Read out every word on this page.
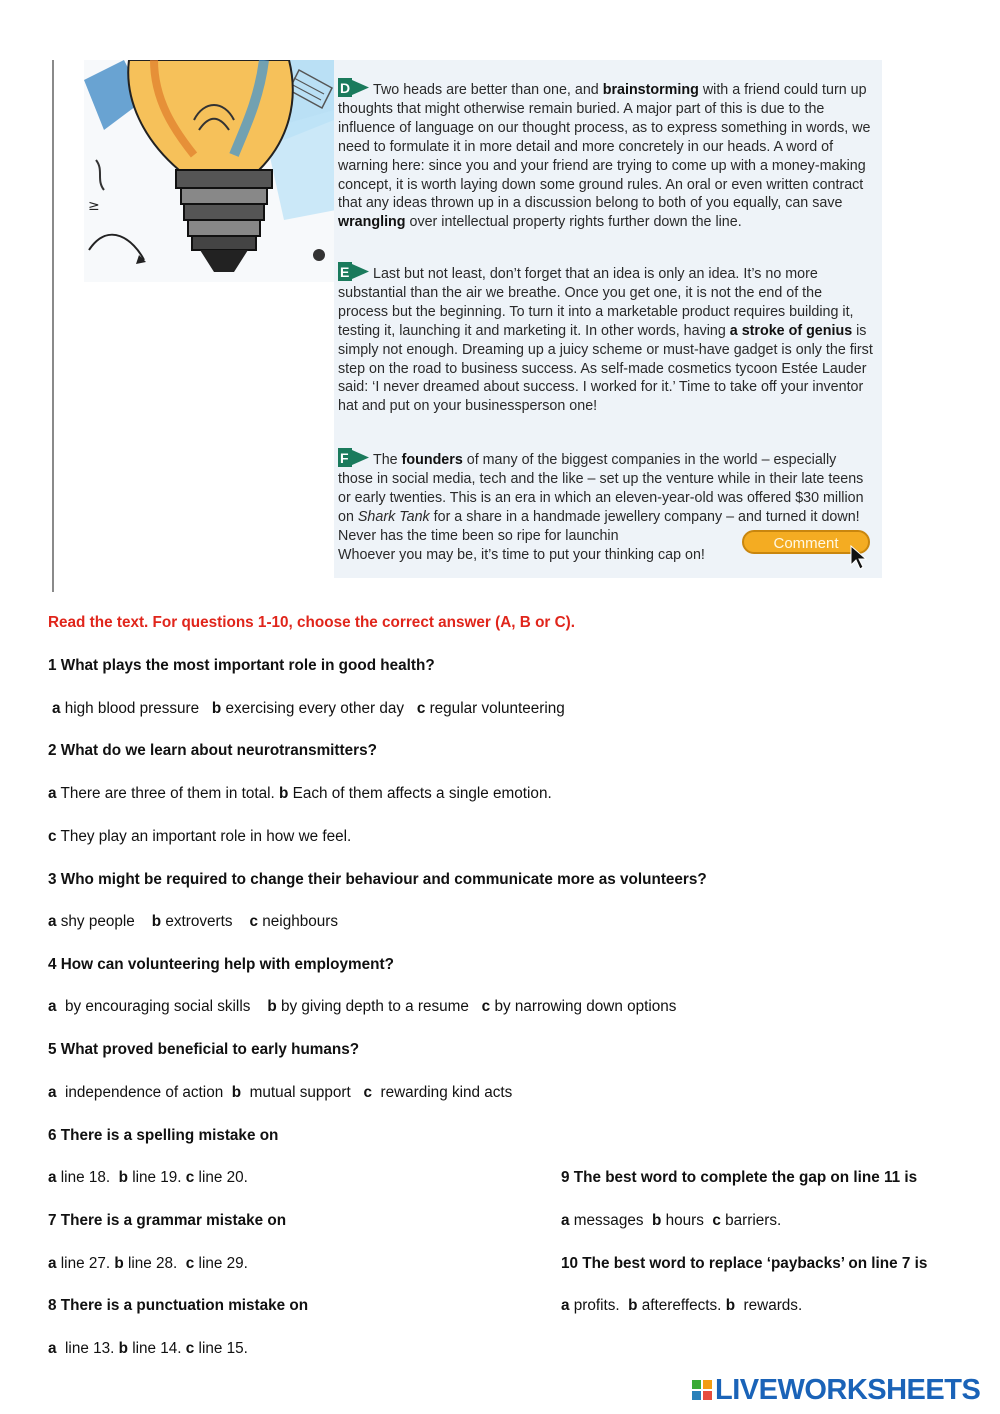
≥

D Two heads are better than one, and brainstorming with a friend could turn up thoughts that might otherwise remain buried. A major part of this is due to the influence of language on our thought process, as to express something in words, we need to formulate it in more detail and more concretely in our heads. A word of warning here: since you and your friend are trying to come up with a money-making concept, it is worth laying down some ground rules. An oral or even written contract that any ideas thrown up in a discussion belong to both of you equally, can save wrangling over intellectual property rights further down the line.

E Last but not least, don’t forget that an idea is only an idea. It’s no more substantial than the air we breathe. Once you get one, it is not the end of the process but the beginning. To turn it into a marketable product requires building it, testing it, launching it and marketing it. In other words, having a stroke of genius is simply not enough. Dreaming up a juicy scheme or must-have gadget is only the first step on the road to business success. As self-made cosmetics tycoon Estée Lauder said: ‘I never dreamed about success. I worked for it.’ Time to take off your inventor hat and put on your businessperson one!

F The founders of many of the biggest companies in the world – especially those in social media, tech and the like – set up the venture while in their late teens or early twenties. This is an era in which an eleven-year-old was offered $30 million on Shark Tank for a share in a handmade jewellery company – and turned it down! Never has the time been so ripe for launchin
Whoever you may be, it’s time to put your thinking cap on!

Comment

Read the text. For questions 1-10, choose the correct answer (A, B or C).

1 What plays the most important role in good health?

a high blood pressure b exercising every other day c regular volunteering

2 What do we learn about neurotransmitters?

a There are three of them in total. b Each of them affects a single emotion.

c They play an important role in how we feel.

3 Who might be required to change their behaviour and communicate more as volunteers?

a shy people b extroverts c neighbours

4 How can volunteering help with employment?

a by encouraging social skills b by giving depth to a resume c by narrowing down options

5 What proved beneficial to early humans?

a independence of action b mutual support c rewarding kind acts

6 There is a spelling mistake on

a line 18. b line 19. c line 20.

7 There is a grammar mistake on

a line 27. b line 28. c line 29.

8 There is a punctuation mistake on

a line 13. b line 14. c line 15.

9 The best word to complete the gap on line 11 is

a messages b hours c barriers.

10 The best word to replace ‘paybacks’ on line 7 is

a profits. b aftereffects. b rewards.

LIVEWORKSHEETS
